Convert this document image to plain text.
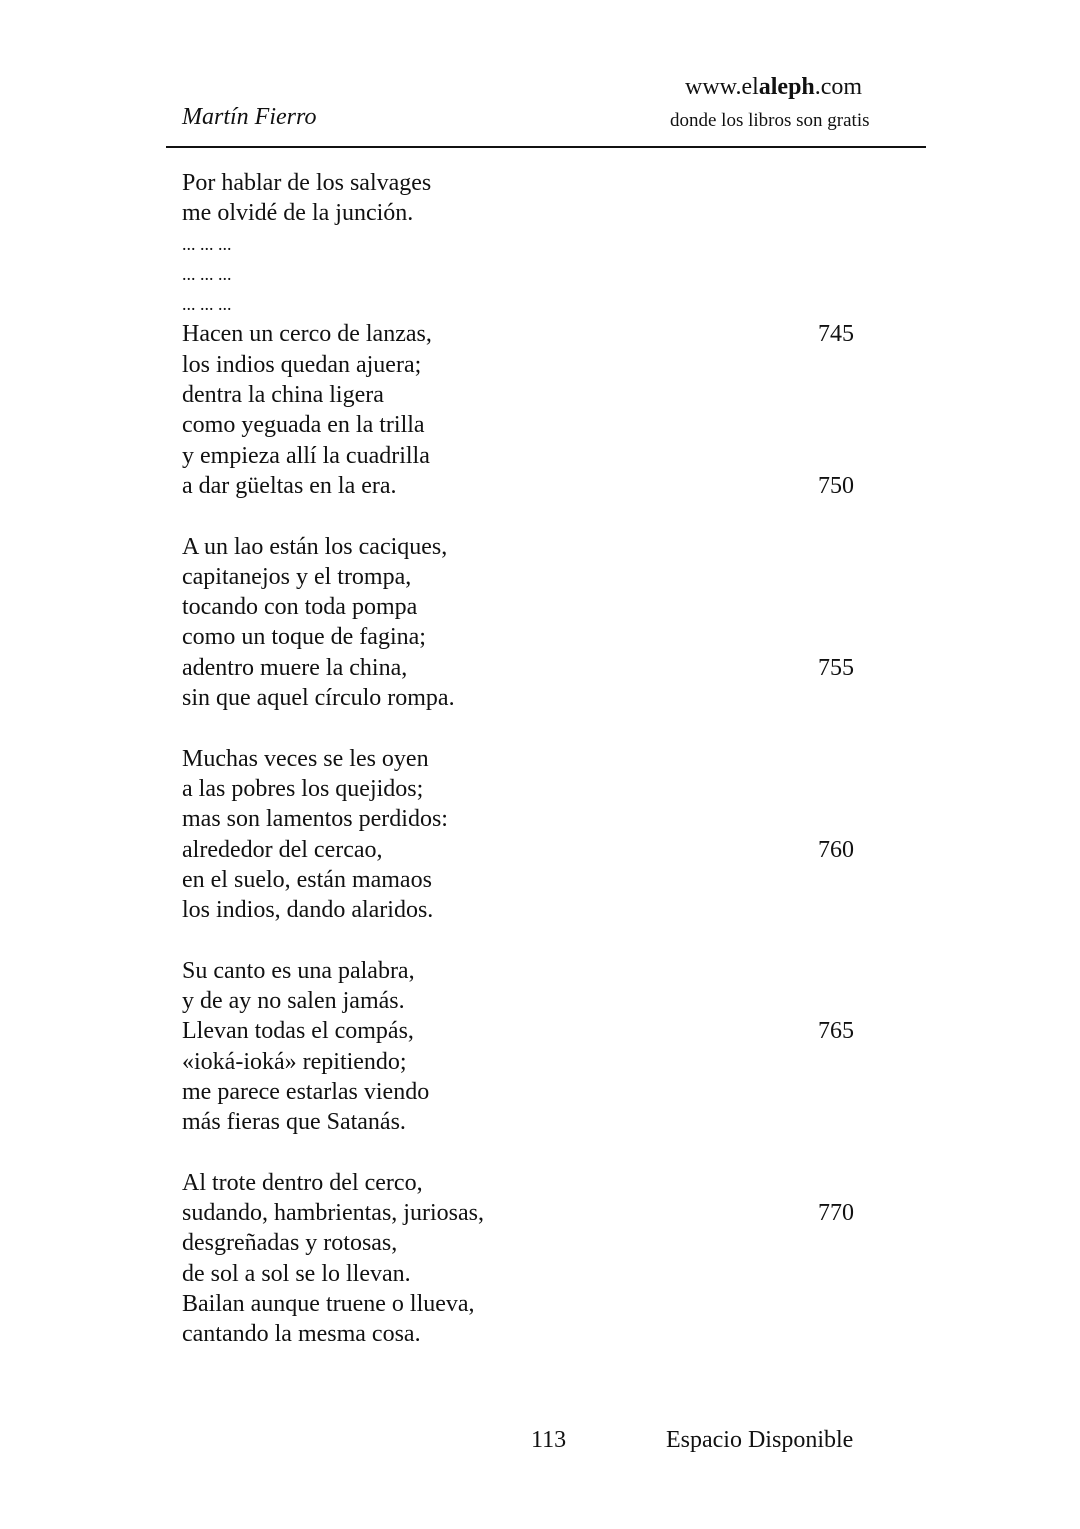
Martín Fierro
www.elaleph.com
donde los libros son gratis
Por hablar de los salvages
me olvidé de la junción.
... ... ...
... ... ...
... ... ...
Hacen un cerco de lanzas,	745
los indios quedan ajuera;
dentra la china ligera
como yeguada en la trilla
y empieza allí la cuadrilla
a dar güeltas en la era.	750
A un lao están los caciques,
capitanejos y el trompa,
tocando con toda pompa
como un toque de fagina;
adentro muere la china,	755
sin que aquel círculo rompa.
Muchas veces se les oyen
a las pobres los quejidos;
mas son lamentos perdidos:
alrededor del cercao,	760
en el suelo, están mamaos
los indios, dando alaridos.
Su canto es una palabra,
y de ay no salen jamás.
Llevan todas el compás,	765
«ioká-ioká» repitiendo;
me parece estarlas viendo
más fieras que Satanás.
Al trote dentro del cerco,
sudando, hambrientas, juriosas,	770
desgreñadas y rotosas,
de sol a sol se lo llevan.
Bailan aunque truene o llueva,
cantando la mesma cosa.
113	Espacio Disponible
